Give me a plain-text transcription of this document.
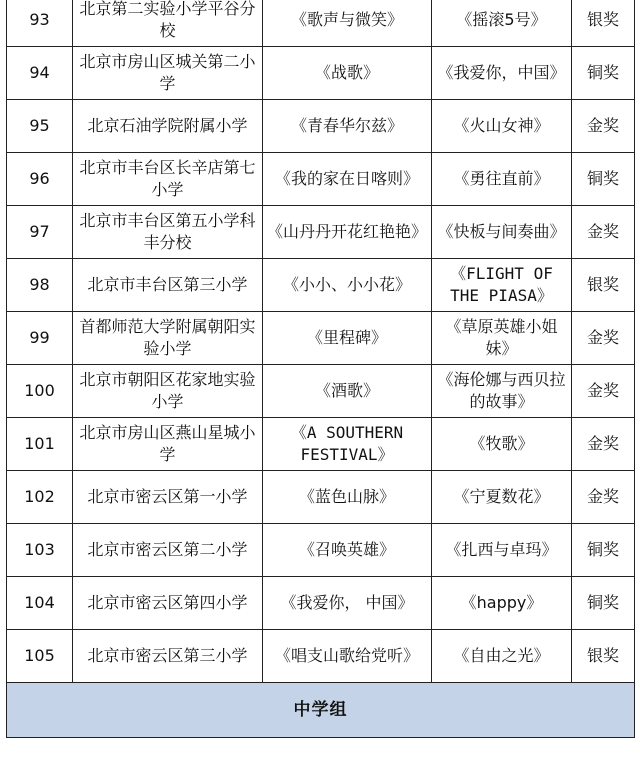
93	北京第二实验小学平谷分校	《歌声与微笑》	《摇滚5号》	银奖
94	北京市房山区城关第二小学	《战歌》	《我爱你，中国》	铜奖
95	北京石油学院附属小学	《青春华尔兹》	《火山女神》	金奖
96	北京市丰台区长辛店第七小学	《我的家在日喀则》	《勇往直前》	铜奖
97	北京市丰台区第五小学科丰分校	《山丹丹开花红艳艳》	《快板与间奏曲》	金奖
98	北京市丰台区第三小学	《小小、小小花》	《FLIGHT OF THE PIASA》	银奖
99	首都师范大学附属朝阳实验小学	《里程碑》	《草原英雄小姐妹》	金奖
100	北京市朝阳区花家地实验小学	《酒歌》	《海伦娜与西贝拉的故事》	金奖
101	北京市房山区燕山星城小学	《A SOUTHERN FESTIVAL》	《牧歌》	金奖
102	北京市密云区第一小学	《蓝色山脉》	《宁夏数花》	金奖
103	北京市密云区第二小学	《召唤英雄》	《扎西与卓玛》	铜奖
104	北京市密云区第四小学	《我爱你， 中国》	《happy》	铜奖
105	北京市密云区第三小学	《唱支山歌给党听》	《自由之光》	银奖
中学组				
